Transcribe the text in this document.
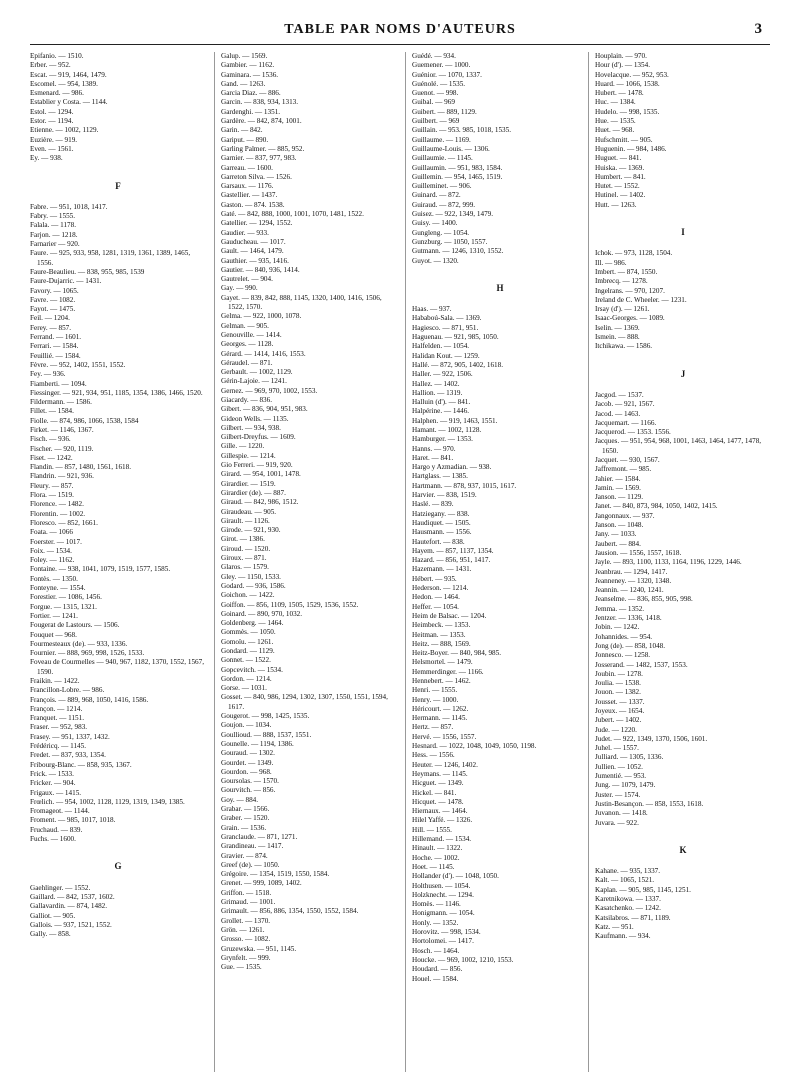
TABLE PAR NOMS D'AUTEURS	3
Epifanio. — 1510.
Erber. — 952.
Escat. — 919, 1464, 1479.
Escomel. — 954, 1389.
Esmenard. — 986.
Establier y Costa. — 1144.
Estol. — 1294.
Estor. — 1194.
Etienne. — 1002, 1129.
Euzière. — 919.
Even. — 1561.
Ey. — 938.
F
Fabre. — 951, 1018, 1417.
Fabry. — 1555.
Falala. — 1178.
Farjon. — 1218.
Farnarier — 920.
Faure. — 925, 933, 958, 1281, 1319, 1361, 1389, 1465, 1556.
Faure-Beaulieu. — 838, 955, 985, 1539
Faure-Dujarric. — 1431.
Favory. — 1065.
Favre. — 1082.
Fayot. — 1475.
Feil. — 1204.
Ferey. — 857.
Ferrand. — 1601.
Ferrari. — 1584.
Feuillié. — 1584.
Fèvre. — 952, 1402, 1551, 1552.
Fey. — 936.
Fiamberti. — 1094.
Fiessinger. — 921, 934, 951, 1185, 1354, 1386, 1466, 1520.
Fildermann. — 1586.
Fillet. — 1584.
Fiolle. — 874, 986, 1066, 1538, 1584
Firket. — 1146, 1367.
Fisch. — 936.
Fischer. — 920, 1119.
Fiset. — 1242.
Flandin. — 857, 1480, 1561, 1618.
Flandrin. — 921, 936.
Fleury. — 857.
Flora. — 1519.
Florence. — 1482.
Florentin. — 1002.
Floresco. — 852, 1661.
Foata. — 1066
Foerster. — 1017.
Foix. — 1534.
Foley. — 1162.
Fontaine. — 938, 1041, 1079, 1519, 1577, 1585.
Fontès. — 1350.
Fonteyne. — 1554.
Forestier. — 1086, 1456.
Forgue. — 1315, 1321.
Fortier. — 1241.
Fougerat de Lastours. — 1506.
Fouquet — 968.
Fourmesteaux (de). — 933, 1336.
Fournier. — 888, 969, 998, 1526, 1533.
Foveau de Courmelles — 940, 967, 1182, 1370, 1552, 1567, 1590.
Fraikin. — 1422.
Francillon-Lobre. — 986.
François. — 889, 968, 1050, 1416, 1586.
Françon. — 1214.
Franquet. — 1151.
Fraser. — 952, 983.
Frasey. — 951, 1337, 1432.
Frédéricq. — 1145.
Fredet. — 837, 933, 1354.
Fribourg-Blanc. — 858, 935, 1367.
Frick. — 1533.
Fricker. — 904.
Frigaux. — 1415.
Frœlich. — 954, 1002, 1128, 1129, 1319, 1349, 1385.
Fromageot. — 1144.
Froment. — 985, 1017, 1018.
Fruchaud. — 839.
Fuchs. — 1600.
G
Gaehlinger. — 1552.
Gaillard. — 842, 1537, 1602.
Gallavardin. — 874, 1482.
Galliot. — 905.
Gallois. — 937, 1521, 1552.
Gally. — 858.
Galup. — 1569.
Gambier. — 1162.
Gaminara. — 1536.
Gand. — 1263.
Garcia Diaz. — 886.
Garcin. — 838, 934, 1313.
Gardenghi. — 1351.
Gardère. — 842, 874, 1001.
Garin. — 842.
Gariput. — 890.
Garling Palmer. — 885, 952.
Garnier. — 837, 977, 983.
Garreau. — 1600.
Garreton Silva. — 1526.
Garsaux. — 1176.
Gastellier. — 1437.
Gaston. — 874. 1538.
Gaté. — 842, 888, 1000, 1001, 1070, 1481, 1522.
Gatellier. — 1294, 1552.
Gaudier. — 933.
Gauducheau. — 1017.
Gault. — 1464, 1479.
Gauthier. — 935, 1416.
Gautier. — 840, 936, 1414.
Gautrelet. — 904.
Gay. — 990.
Gayet. — 839, 842, 888, 1145, 1320, 1400, 1416, 1506, 1522, 1570.
Gelma. — 922, 1000, 1078.
Gelman. — 905.
Genouville. — 1414.
Georges. — 1128.
Gérard. — 1414, 1416, 1553.
Géraudel. — 871.
Gerbault. — 1002, 1129.
Gérin-Lajoie. — 1241.
Gernez. — 969, 970, 1002, 1553.
Giacardy. — 836.
Gibert. — 836, 904, 951, 983.
Gideon Wells. — 1135.
Gilbert. — 934, 938.
Gilbert-Dreyfus. — 1609.
Gille. — 1220.
Gillespie. — 1214.
Gio Ferreri. — 919, 920.
Girard. — 954, 1001, 1478.
Girardier. — 1519.
Girardier (de). — 887.
Giraud. — 842, 986, 1512.
Giraudeau. — 905.
Girault. — 1126.
Girode. — 921, 930.
Girot. — 1386.
Giroud. — 1520.
Giroux. — 871.
Glaros. — 1579.
Gley. — 1150, 1533.
Godard. — 936, 1586.
Goichon. — 1422.
Goiffon. — 856, 1109, 1505, 1529, 1536, 1552.
Goinard. — 890, 970, 1032.
Goldenberg. — 1464.
Gommès. — 1050.
Gomoïu. — 1261.
Gondard. — 1129.
Gonnet. — 1522.
Gopcevitch. — 1534.
Gordon. — 1214.
Gorse. — 1031.
Gosset. — 840, 986, 1294, 1302, 1307, 1550, 1551, 1594, 1617.
Gougerot. — 998, 1425, 1535.
Goujon. — 1034.
Goullioud. — 888, 1537, 1551.
Gounelle. — 1194, 1386.
Gouraud. — 1302.
Gourdet. — 1349.
Gourdon. — 968.
Goursolas. — 1570.
Gourvitch. — 856.
Goy. — 884.
Grabar. — 1566.
Graber. — 1520.
Grain. — 1536.
Granclaude. — 871, 1271.
Grandineau. — 1417.
Gravier. — 874.
Greef (de). — 1050.
Grégoire. — 1354, 1519, 1550, 1584.
Grenet. — 999, 1089, 1402.
Griffon. — 1518.
Grimaud. — 1001.
Grimault. — 856, 886, 1354, 1550, 1552, 1584.
Grollet. — 1370.
Grön. — 1261.
Grosso. — 1082.
Gruzewska. — 951, 1145.
Grynfelt. — 999.
Gue. — 1535.
Guédé. — 934.
Guemener. — 1000.
Guénior. — 1070, 1337.
Guénolé. — 1535.
Guenot. — 998.
Guibal. — 969
Guibert. — 889, 1129.
Guilbert. — 969
Guillain. — 953. 985, 1018, 1535.
Guillaume. — 1169.
Guillaume-Louis. — 1306.
Guillaumie. — 1145.
Guillaumin. — 951, 983, 1584.
Guillemin. — 954, 1465, 1519.
Guilleminet. — 906.
Guinard. — 872.
Guiraud. — 872, 999.
Guisez. — 922, 1349, 1479.
Guisy. — 1400.
Gungleng. — 1054.
Gunzburg. — 1050, 1557.
Gutmann. — 1246, 1310, 1552.
Guyot. — 1320.
H
Haas. — 937.
Hababoú-Sala. — 1369.
Hagiesco. — 871, 951.
Haguenau. — 921, 985, 1050.
Halfelden. — 1054.
Halidan Kout. — 1259.
Hallé. — 872, 905, 1402, 1618.
Haller. — 922, 1506.
Hallez. — 1402.
Hallion. — 1319.
Halluin (d'). — 841.
Halpérine. — 1446.
Halphen. — 919, 1463, 1551.
Hamant. — 1002, 1128.
Hamburger. — 1353.
Hanns. — 970.
Haret. — 841.
Hargo y Azmadian. — 938.
Hartglass. — 1385.
Hartmann. — 878, 937, 1015, 1617.
Harvier. — 838, 1519.
Haslé. — 839.
Hatziegany. — 838.
Haudiquet. — 1505.
Hausmann. — 1556.
Hautefort. — 838.
Hayem. — 857, 1137, 1354.
Hazard. — 856, 951, 1417.
Hazemann. — 1431.
Hébert. — 935.
Hederson. — 1214.
Hedon. — 1464.
Heffer. — 1054.
Heim de Balsac. — 1204.
Heimbeck. — 1353.
Heitman. — 1353.
Heitz. — 888, 1569.
Heitz-Boyer. — 840, 984, 985.
Helsmortel. — 1479.
Hemmerdinger. — 1166.
Hennebert. — 1462.
Henri. — 1555.
Henry. — 1000.
Héricourt. — 1262.
Hermann. — 1145.
Hertz. — 857.
Hervé. — 1556, 1557.
Hesnard. — 1022, 1048, 1049, 1050, 1198.
Hess. — 1556.
Heuter. — 1246, 1402.
Heymans. — 1145.
Hicguet. — 1349.
Hickel. — 841.
Hicquet. — 1478.
Hiernaux. — 1464.
Hilel Yaffé. — 1326.
Hill. — 1555.
Hillemand. — 1534.
Hinault. — 1322.
Hoche. — 1002.
Hoet. — 1145.
Hollander (d'). — 1048, 1050.
Holthusen. — 1054.
Holzknecht. — 1294.
Homès. — 1146.
Honigmann. — 1054.
Honly. — 1352.
Horovitz. — 998, 1534.
Hortolomei. — 1417.
Hosch. — 1464.
Houcke. — 969, 1002, 1210, 1553.
Houdard. — 856.
Houel. — 1584.
Houplain. — 970.
Hour (d'). — 1354.
Hovelacque. — 952, 953.
Huard. — 1066, 1538.
Hubert. — 1478.
Huc. — 1384.
Hudelo. — 998, 1535.
Hue. — 1535.
Huet. — 968.
Hufschmitt. — 905.
Huguenin. — 984, 1486.
Huguet. — 841.
Huiska. — 1369.
Humbert. — 841.
Hutet. — 1552.
Hutinel. — 1402.
Hutt. — 1263.
I
Ichok. — 973, 1128, 1504.
Ill. — 986.
Imbert. — 874, 1550.
Imbrecq. — 1278.
Ingelrans. — 970, 1207.
Ireland de C. Wheeler. — 1231.
Irsay (d'). — 1261.
Isaac-Georges. — 1089.
Iselin. — 1369.
Ismein. — 888.
Itchikawa. — 1586.
J
Jacgod. — 1537.
Jacob. — 921, 1567.
Jacod. — 1463.
Jacquemart. — 1166.
Jacquerod. — 1353. 1556.
Jacques. — 951, 954, 968, 1001, 1463, 1464, 1477, 1478, 1650.
Jacquet. — 930, 1567.
Jaffremont. — 985.
Jahier. — 1584.
Jamin. — 1569.
Janson. — 1129.
Janet. — 840, 873, 984, 1050, 1402, 1415.
Jangonnaux. — 937.
Janson. — 1048.
Jany. — 1033.
Jaubert. — 884.
Jausion. — 1556, 1557, 1618.
Jayle. — 893, 1100, 1133, 1164, 1196, 1229, 1446.
Jeanbrau. — 1294, 1417.
Jeanneney. — 1320, 1348.
Jeannin. — 1240, 1241.
Jeanselme. — 836, 855, 905, 998.
Jemma. — 1352.
Jentzer. — 1336, 1418.
Jobin. — 1242.
Johannides. — 954.
Jong (de). — 858, 1048.
Jonnesco. — 1258.
Josserand. — 1482, 1537, 1553.
Joubin. — 1278.
Joulia. — 1538.
Jouon. — 1382.
Jousset. — 1337.
Joyeux. — 1654.
Jubert. — 1402.
Jude. — 1220.
Judet. — 922, 1349, 1370, 1506, 1601.
Juhel. — 1557.
Julliard. — 1305, 1336.
Jullien. — 1052.
Jumentié. — 953.
Jung. — 1079, 1479.
Juster. — 1574.
Justin-Besançon. — 858, 1553, 1618.
Juvanon. — 1418.
Juvara. — 922.
K
Kahane. — 935, 1337.
Kalt. — 1065, 1521.
Kaplan. — 905, 985, 1145, 1251.
Karetnikowa. — 1337.
Kasatchenko. — 1242.
Katsilabros. — 871, 1189.
Katz. — 951.
Kaufmann. — 934.
